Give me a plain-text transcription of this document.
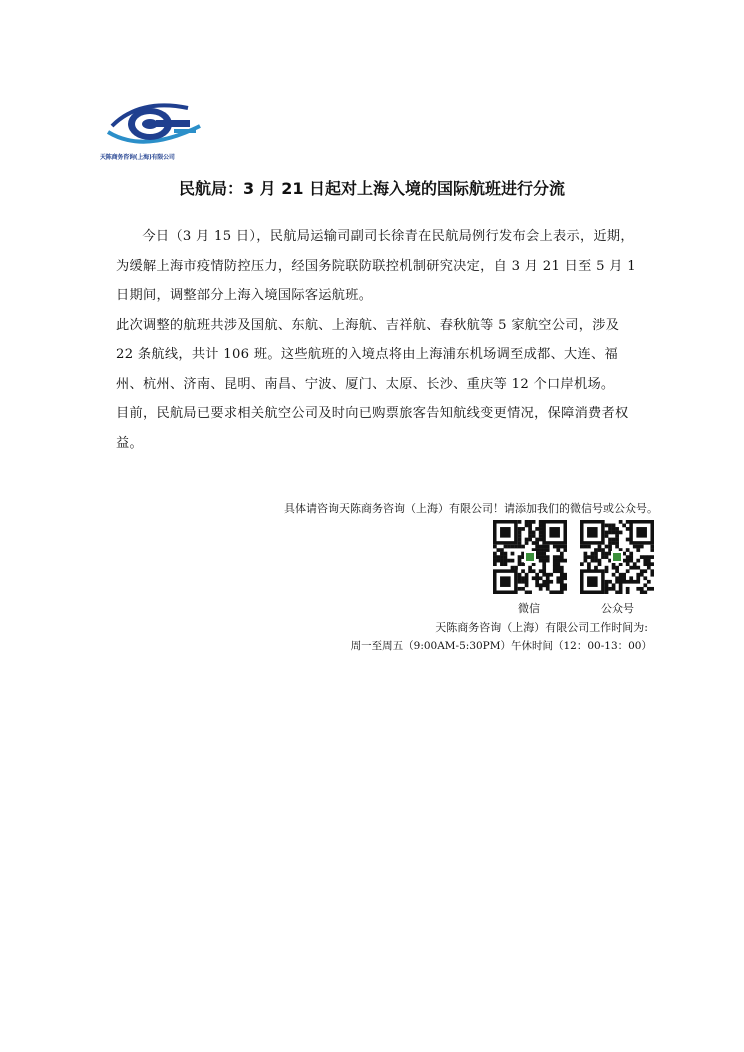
天陈商务咨询(上海)有限公司
民航局：3 月 21 日起对上海入境的国际航班进行分流

今日（3 月 15 日），民航局运输司副司长徐青在民航局例行发布会上表示，近期，为缓解上海市疫情防控压力，经国务院联防联控机制研究决定，自 3 月 21 日至 5 月 1 日期间，调整部分上海入境国际客运航班。

此次调整的航班共涉及国航、东航、上海航、吉祥航、春秋航等 5 家航空公司，涉及 22 条航线，共计 106 班。这些航班的入境点将由上海浦东机场调至成都、大连、福州、杭州、济南、昆明、南昌、宁波、厦门、太原、长沙、重庆等 12 个口岸机场。

目前，民航局已要求相关航空公司及时向已购票旅客告知航线变更情况，保障消费者权益。

具体请咨询天陈商务咨询（上海）有限公司！请添加我们的微信号或公众号。
微信	公众号
天陈商务咨询（上海）有限公司工作时间为:
周一至周五（9:00AM-5:30PM）午休时间（12：00-13：00）
